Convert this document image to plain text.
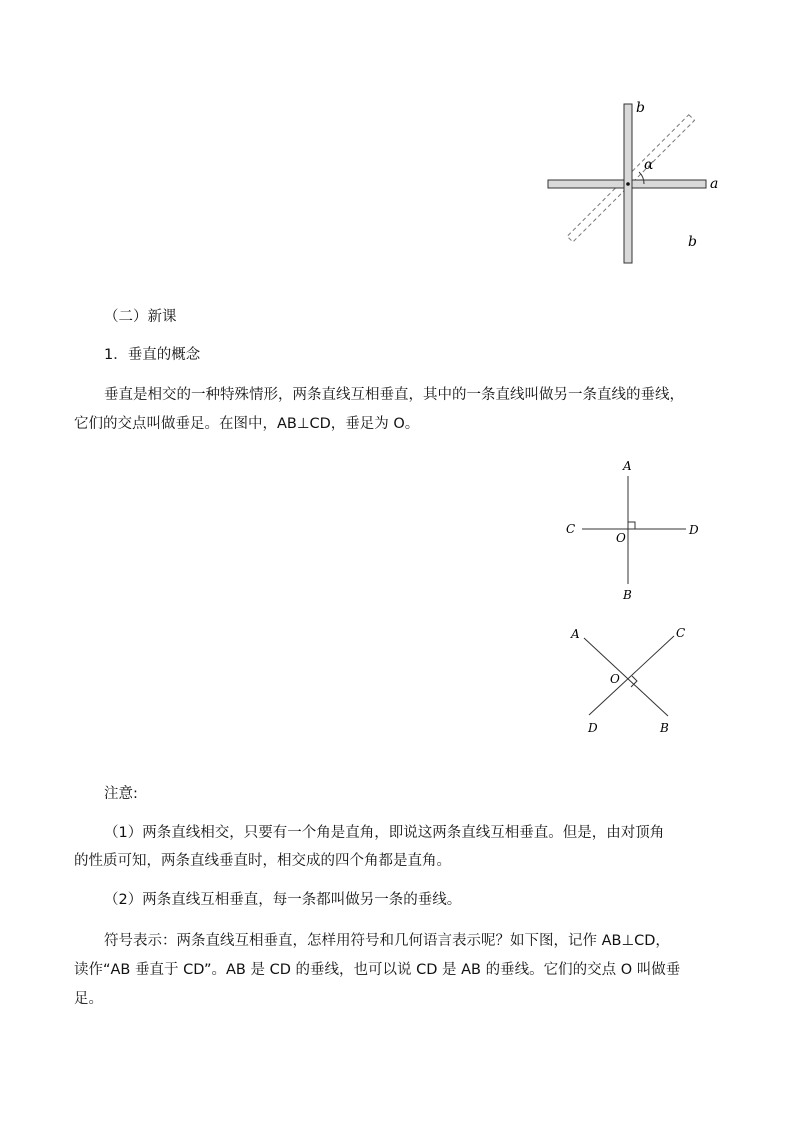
b
α
a
b
（二）新课
1．垂直的概念
垂直是相交的一种特殊情形，两条直线互相垂直，其中的一条直线叫做另一条直线的垂线，
它们的交点叫做垂足。在图中，AB⊥CD，垂足为 O。
A
B
C	D
O
A	C
O
D	B
注意:
（1）两条直线相交，只要有一个角是直角，即说这两条直线互相垂直。但是，由对顶角
的性质可知，两条直线垂直时，相交成的四个角都是直角。
（2）两条直线互相垂直，每一条都叫做另一条的垂线。
符号表示：两条直线互相垂直，怎样用符号和几何语言表示呢？如下图，记作 AB⊥CD，
读作“AB 垂直于 CD”。AB 是 CD 的垂线，也可以说 CD 是 AB 的垂线。它们的交点 O 叫做垂
足。
